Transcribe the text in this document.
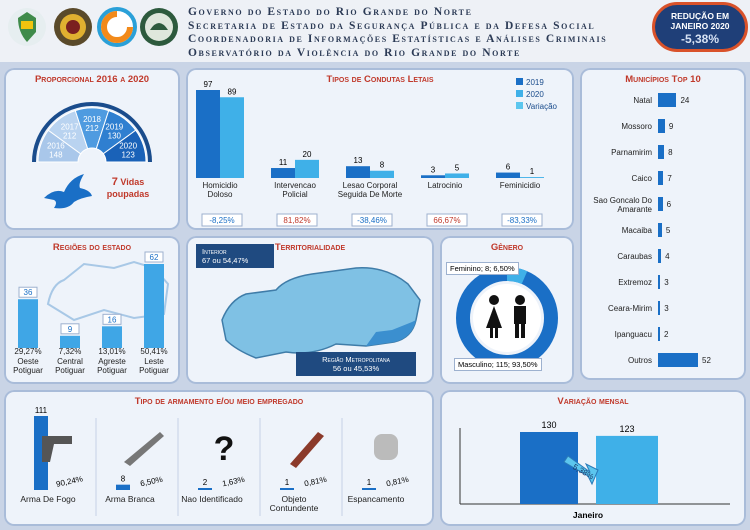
Governo do Estado do Rio Grande do Norte
Secretaria de Estado da Segurança Pública e da Defesa Social
Coordenadoria de Informações Estatísticas e Análises Criminais
Observatório da Violência do Rio Grande do Norte
REDUÇÃO EM JANEIRO 2020
-5,38%
Proporcional 2016 a 2020
2016
148
2017
212
2018
212 2019
130
2020
123
7 Vidas poupadas
Tipos de Condutas Letais
97
89
Homicidio
Doloso
-8,25%
11
20
Intervencao
Policial
81,82%
13
8
Lesao Corporal
Seguida De Morte
-38,46%
3 5
Latrocinio
66,67%
6
1
Feminicidio
-83,33%
2019
2020
Variação
Municípios Top 10
Natal	24
Mossoro 9
Parnamirim 8
Caico 7
Sao Goncalo Do Amarante
6
Macaiba 5
Caraubas 4
Extremoz 3
Ceara-Mirim 3
Ipanguacu 2
Outros	52
Regiões do estado
36
29,27%
Oeste
Potiguar
9
7,32%
Central
Potiguar
16
13,01%
Agreste
Potiguar
62
50,41%
Leste
Potiguar
Territorialidade
Interior
67 ou 54,47%
Região Metropolitana
56 ou 45,53%
Gênero
Feminino; 8; 6,50%
Masculino; 115; 93,50%
Tipo de armamento e/ou meio empregado
111
90,24%
Arma De Fogo
8 6,50%
Arma Branca
2
?
1,63%
Nao Identificado
1 0,81%
Objeto
Contundente
1 0,81%
Espancamento
Variação mensal
130	123
5,38%
Janeiro
